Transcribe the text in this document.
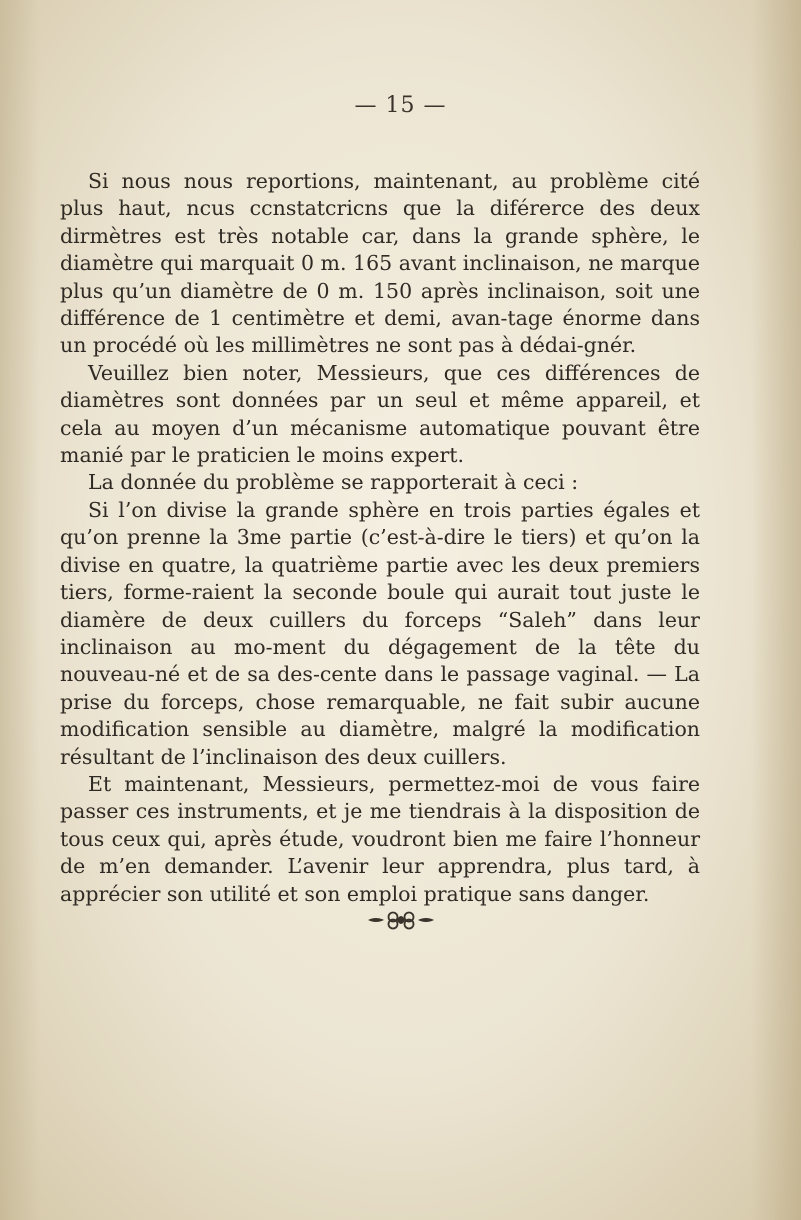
— 15 —

Si nous nous reportions, maintenant, au problème cité plus haut, ncus ccnstatcricns que la diférerce des deux dirmètres est très notable car, dans la grande sphère, le diamètre qui marquait 0 m. 165 avant inclinaison, ne marque plus qu’un diamètre de 0 m. 150 après inclinaison, soit une différence de 1 centimètre et demi, avan-tage énorme dans un procédé où les millimètres ne sont pas à dédai-gnér.

Veuillez bien noter, Messieurs, que ces différences de diamètres sont données par un seul et même appareil, et cela au moyen d’un mécanisme automatique pouvant être manié par le praticien le moins expert.

La donnée du problème se rapporterait à ceci :

Si l’on divise la grande sphère en trois parties égales et qu’on prenne la 3me partie (c’est-à-dire le tiers) et qu’on la divise en quatre, la quatrième partie avec les deux premiers tiers, forme-raient la seconde boule qui aurait tout juste le diamère de deux cuillers du forceps “Saleh” dans leur inclinaison au mo-ment du dégagement de la tête du nouveau-né et de sa des-cente dans le passage vaginal. — La prise du forceps, chose remarquable, ne fait subir aucune modification sensible au diamètre, malgré la modification résultant de l’inclinaison des deux cuillers.

Et maintenant, Messieurs, permettez-moi de vous faire passer ces instruments, et je me tiendrais à la disposition de tous ceux qui, après étude, voudront bien me faire l’honneur de m’en demander. L’avenir leur apprendra, plus tard, à apprécier son utilité et son emploi pratique sans danger.
